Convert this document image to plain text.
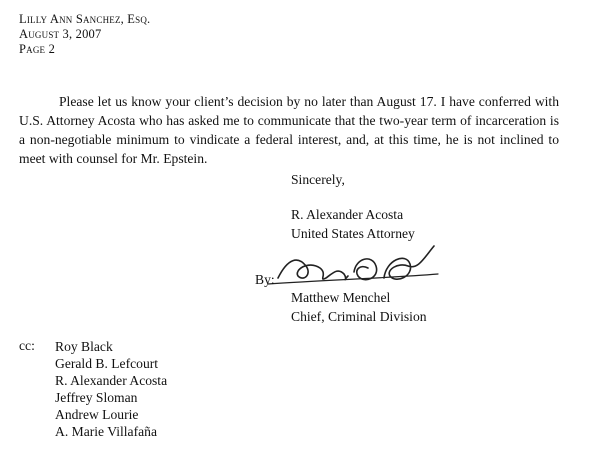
Lilly Ann Sanchez, Esq.
August 3, 2007
Page 2

Please let us know your client’s decision by no later than August 17. I have conferred with U.S. Attorney Acosta who has asked me to communicate that the two-year term of incarceration is a non-negotiable minimum to vindicate a federal interest, and, at this time, he is not inclined to meet with counsel for Mr. Epstein.

Sincerely,
R. Alexander Acosta
United States Attorney
By:
Matthew Menchel
Chief, Criminal Division
cc: Roy Black
Gerald B. Lefcourt
R. Alexander Acosta
Jeffrey Sloman
Andrew Lourie
A. Marie Villafaña
